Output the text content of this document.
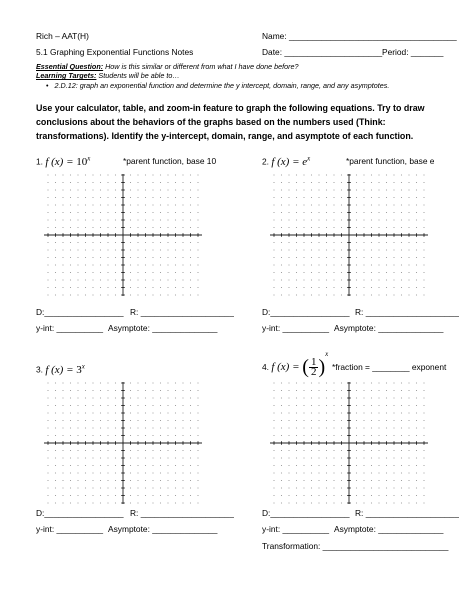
Rich – AAT(H)	Name: ____________________________________
5.1 Graphing Exponential Functions Notes	Date: _____________________ Period: _______
Essential Question: How is this similar or different from what I have done before?
Learning Targets: Students will be able to…
• 2.D.12: graph an exponential function and determine the y intercept, domain, range, and any asymptotes.
Use your calculator, table, and zoom-in feature to graph the following equations. Try to draw conclusions about the behaviors of the graphs based on the numbers used (Think: transformations). Identify the y-intercept, domain, range, and asymptote of each function.
1. f $(x) = 10^x$	*parent function, base 10	2. f $(x) = e^x$	*parent function, base e
D:_________________ R: ____________________
y-int: __________ Asymptote: ______________
D:_________________ R: ____________________
y-int: __________ Asymptote: ______________
3. f $(x) = 3^x$	4. f (x) = ( $\frac{1}{2} )^x$
*fraction = ________ exponent
D:_________________ R: ____________________
y-int: __________ Asymptote: ______________
D:_________________ R: ____________________
y-int: __________ Asymptote: ______________
Transformation: ___________________________
